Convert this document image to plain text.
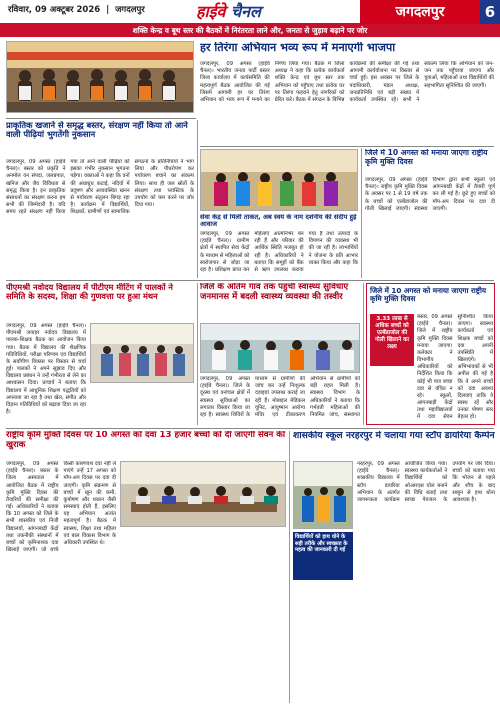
रविवार, 09 अक्टूबर 2026  |  जगदलपुर	हाईवे चैनल	जगदलपुर	6
शक्ति केन्द्र व बूथ स्तर की बैठकों में निरंतरता लाने और, जनता से जुड़ाव बढ़ाने पर जोर
हर तिरंगा अभियान भव्य रूप में मनाएगी भाजपा
जगदलपुर, 09 अगस्त (हाईवे चैनल)। भारतीय जनता पार्टी बस्तर जिला कार्यालय में कार्यसमिति की महत्वपूर्ण बैठक आयोजित की गई जिसमें आगामी हर घर तिरंगा अभियान को भव्य रूप में मनाने का निर्णय लिया गया। बैठक में जिला अध्यक्ष ने कहा कि प्रत्येक कार्यकर्ता शक्ति केन्द्र एवं बूथ स्तर तक अभियान को पहुँचाए तथा प्रत्येक घर पर तिरंगा फहराने हेतु नागरिकों को प्रेरित करे। बैठक में संगठन के विभिन्न कार्यक्रमों की समीक्षा की गई तथा आगामी कार्ययोजना पर विस्तार से चर्चा हुई। इस अवसर पर जिले के पदाधिकारी, मंडल अध्यक्ष, जनप्रतिनिधि एवं बड़ी संख्या में कार्यकर्ता उपस्थित रहे। सभी ने संकल्प लिया कि अभियान को जन-जन तक पहुँचाया जाएगा और युवाओं, महिलाओं तथा विद्यार्थियों की सहभागिता सुनिश्चित की जाएगी।
प्राकृतिक खजाने से समृद्ध बस्तर, संरक्षण नहीं किया तो आने वाली पीढ़ियां भुगतेंगी नुकसान
जगदलपुर, 09 अगस्त (हाईवे चैनल)। बस्तर को प्रकृति ने अनमोल वन संपदा, जलप्रपात, खनिज और जैव विविधता से समृद्ध किया है। इन प्राकृतिक संसाधनों का संरक्षण करना हम सभी की जिम्मेदारी है। यदि समय रहते संरक्षण नहीं किया गया तो आने वाली पीढ़ियों को इसका गंभीर नुकसान भुगतना पड़ेगा। वक्ताओं ने कहा कि वनों की अंधाधुंध कटाई, नदियों में प्रदूषण और अव्यवस्थित खनन से पर्यावरण संतुलन बिगड़ रहा है। कार्यक्रम में विद्यार्थियों, शिक्षकों, ग्रामीणों एवं सामाजिक संगठनों के प्रतिनिधियों ने भाग लिया और पौधरोपण कर पर्यावरण बचाने का संकल्प लिया। साथ ही जल स्रोतों के संरक्षण तथा प्लास्टिक के उपयोग को कम करने पर जोर दिया गया।
सेवा केंद्र से मिली ताकत, अब स्वयं के नाम दर्शनीय की संदीप हुई आवाज
जगदलपुर, 09 अगस्त (हाईवे चैनल)। ग्रामीण क्षेत्रों में स्थापित सेवा केंद्रों के माध्यम से महिलाओं को स्वरोजगार से जोड़ा जा रहा है। प्रशिक्षण प्राप्त कर महिलाएं आत्मनिर्भर बन रही हैं और परिवार की आर्थिक स्थिति मजबूत हो रही है। अधिकारियों ने बताया कि समूहों को बैंक से ऋण उपलब्ध कराया गया है तथा उत्पादों के विपणन की व्यवस्था भी की जा रही है। लाभार्थियों ने योजना के प्रति आभार व्यक्त किया और कहा कि
जिले में 10 अगस्त को मनाया जाएगा राष्ट्रीय कृमि मुक्ति दिवस
जगदलपुर, 09 अगस्त (हाईवे चैनल)। राष्ट्रीय कृमि मुक्ति दिवस के अवसर पर 1 से 19 वर्ष तक के बच्चों को एल्बेंडाजोल की गोली खिलाई जाएगी। स्वास्थ्य विभाग द्वारा सभी स्कूलों एवं आंगनबाड़ी केंद्रों में तैयारी पूर्ण कर ली गई है। छूटे हुए बच्चों को मॉप-अप दिवस पर दवा दी जाएगी।
पीएमश्री नवोदय विद्यालय में पीटीएम मीटिंग में पालकों ने समिति के सदस्य, शिक्षा की गुणवत्ता पर हुआ मंथन
जगदलपुर, 09 अगस्त (हाईवे चैनल)। पीएमश्री जवाहर नवोदय विद्यालय में पालक-शिक्षक बैठक का आयोजन किया गया। बैठक में विद्यालय की शैक्षणिक गतिविधियों, परीक्षा परिणाम एवं विद्यार्थियों के सर्वांगीण विकास पर विस्तार से चर्चा हुई। पालकों ने अपने सुझाव दिए और विद्यालय प्रबंधन ने उन्हें गंभीरता से लेने का आश्वासन दिया। प्राचार्य ने बताया कि विद्यालय में आधुनिक शिक्षण पद्धतियों को अपनाया जा रहा है तथा खेल, संगीत और विज्ञान गतिविधियों को बढ़ावा दिया जा रहा है।
जिले के अंतिम गांव तक पहुंची स्वास्थ्य सुविधाएं जनमानस में बदली स्वास्थ्य व्यवस्था की तस्वीर
जगदलपुर, 09 अगस्त (हाईवे चैनल)। जिले के दूरस्थ एवं वनांचल क्षेत्रों में स्वास्थ्य सुविधाओं का लगातार विस्तार किया जा रहा है। स्वास्थ्य शिविरों के माध्यम से ग्रामीणों की जांच कर उन्हें निःशुल्क दवाइयां उपलब्ध कराई जा रही हैं। मोबाइल मेडिकल यूनिट, आयुष्मान आरोग्य मंदिर एवं टीकाकरण अभियान से ग्रामीणों को बड़ी राहत मिली है। स्वास्थ्य विभाग के अधिकारियों ने बताया कि गर्भवती महिलाओं की नियमित जांच, संस्थागत
जिले में 10 अगस्त को मनाया जाएगा राष्ट्रीय कृमि मुक्ति दिवस
3.33 लाख से अधिक बच्चों को एल्बेंडाजोल की गोली खिलाने का लक्ष्य
बस्तर, 09 अगस्त (हाईवे चैनल)। जिले में राष्ट्रीय कृमि मुक्ति दिवस मनाया जाएगा। कलेक्टर ने विभागीय अधिकारियों को निर्देशित किया कि कोई भी पात्र बच्चा दवा से वंचित न रहे। स्कूलों, आंगनबाड़ी केंद्रों तथा महाविद्यालयों में दवा सेवन सुनिश्चित किया जाएगा। स्वास्थ्य कार्यकर्ता एवं शिक्षक बच्चों को दवा अपनी उपस्थिति में खिलाएंगे। अभिभावकों से भी अपील की गई है कि वे अपने बच्चों को दवा अवश्य दिलवाएं ताकि वे स्वस्थ रहें और उनका पोषण स्तर बेहतर हो।
राष्ट्रीय कृमि मुक्ति दिवस पर 10 अगस्त को दवा 13 हजार बच्चों को दी जाएगी सेवन की खुराक
जगदलपुर, 09 अगस्त (हाईवे चैनल)। बस्तर के जिला अस्पताल में आयोजित बैठक में राष्ट्रीय कृमि मुक्ति दिवस की तैयारियों की समीक्षा की गई। अधिकारियों ने बताया कि 10 अगस्त को जिले के सभी शासकीय एवं निजी विद्यालयों, आंगनबाड़ी केंद्रों तथा तकनीकी संस्थानों में बच्चों को कृमिनाशक दवा खिलाई जाएगी। जो बच्चे किसी कारणवश दवा नहीं ले पाएंगे उन्हें 17 अगस्त को मॉप-अप दिवस पर दवा दी जाएगी। कृमि संक्रमण से बच्चों में खून की कमी, कुपोषण और थकान जैसी समस्याएं होती हैं, इसलिए यह अभियान अत्यंत महत्वपूर्ण है। बैठक में स्वास्थ्य, शिक्षा तथा महिला एवं बाल विकास विभाग के अधिकारी उपस्थित थे।
शासकीय स्कूल नरहरपुर में चलाया गया स्टॉप डायरिया कैम्पेन
विद्यार्थियों को हाथ धोने के सही तरीके और स्वच्छता के महत्व की जानकारी दी गई
नरहरपुर, 09 अगस्त (हाईवे चैनल)। शासकीय विद्यालय में स्टॉप डायरिया अभियान के अंतर्गत जागरूकता कार्यक्रम आयोजित किया गया। स्वास्थ्य कार्यकर्ताओं ने विद्यार्थियों को ओआरएस घोल बनाने की विधि बताई तथा स्वच्छ पेयजल के उपयोग पर जोर दिया। बच्चों को बताया गया कि भोजन से पहले और शौच के बाद साबुन से हाथ धोना आवश्यक है।
